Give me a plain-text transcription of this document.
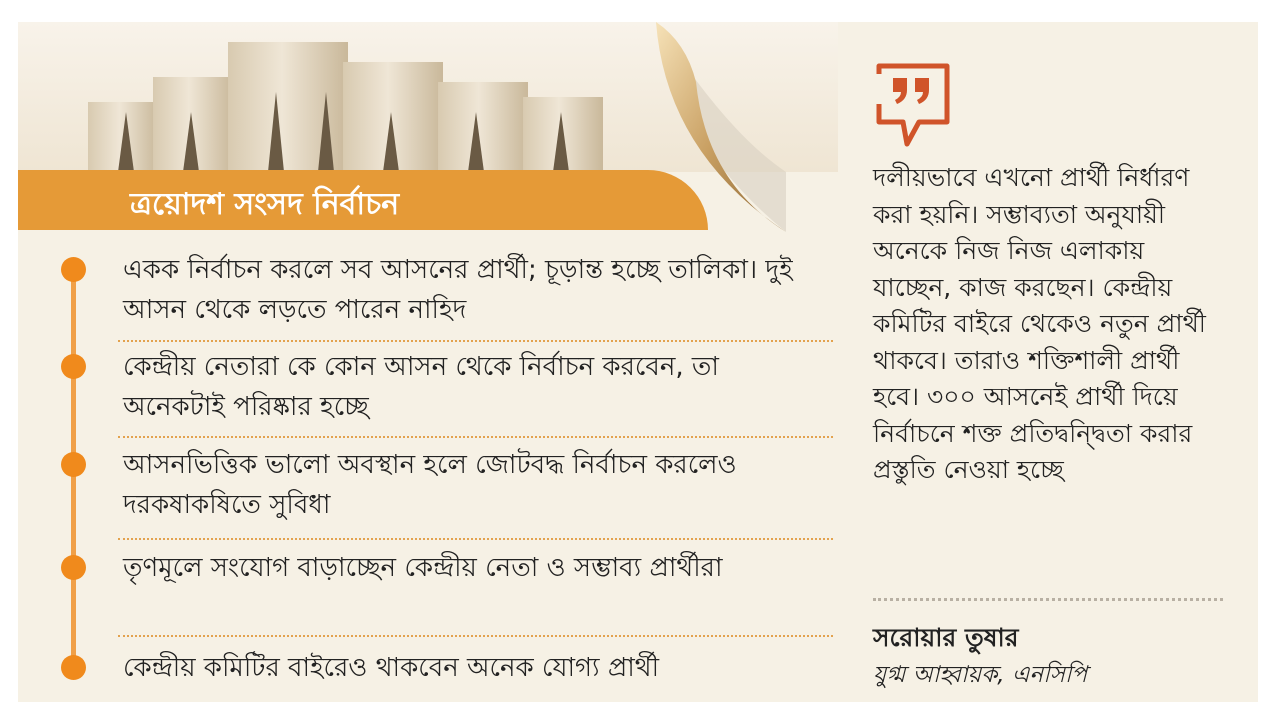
ত্রয়োদশ সংসদ নির্বাচন
একক নির্বাচন করলে সব আসনের প্রার্থী; চূড়ান্ত হচ্ছে তালিকা। দুই আসন থেকে লড়তে পারেন নাহিদ
কেন্দ্রীয় নেতারা কে কোন আসন থেকে নির্বাচন করবেন, তা অনেকটাই পরিষ্কার হচ্ছে
আসনভিত্তিক ভালো অবস্থান হলে জোটবদ্ধ নির্বাচন করলেও দরকষাকষিতে সুবিধা
তৃণমূলে সংযোগ বাড়াচ্ছেন কেন্দ্রীয় নেতা ও সম্ভাব্য প্রার্থীরা
কেন্দ্রীয় কমিটির বাইরেও থাকবেন অনেক যোগ্য প্রার্থী
দলীয়ভাবে এখনো প্রার্থী নির্ধারণ করা হয়নি। সম্ভাব্যতা অনুযায়ী অনেকে নিজ নিজ এলাকায় যাচ্ছেন, কাজ করছেন। কেন্দ্রীয় কমিটির বাইরে থেকেও নতুন প্রার্থী থাকবে। তারাও শক্তিশালী প্রার্থী হবে। ৩০০ আসনেই প্রার্থী দিয়ে নির্বাচনে শক্ত প্রতিদ্বন্দ্বিতা করার প্রস্তুতি নেওয়া হচ্ছে
সরোয়ার তুষার
যুগ্ম আহ্বায়ক, এনসিপি
